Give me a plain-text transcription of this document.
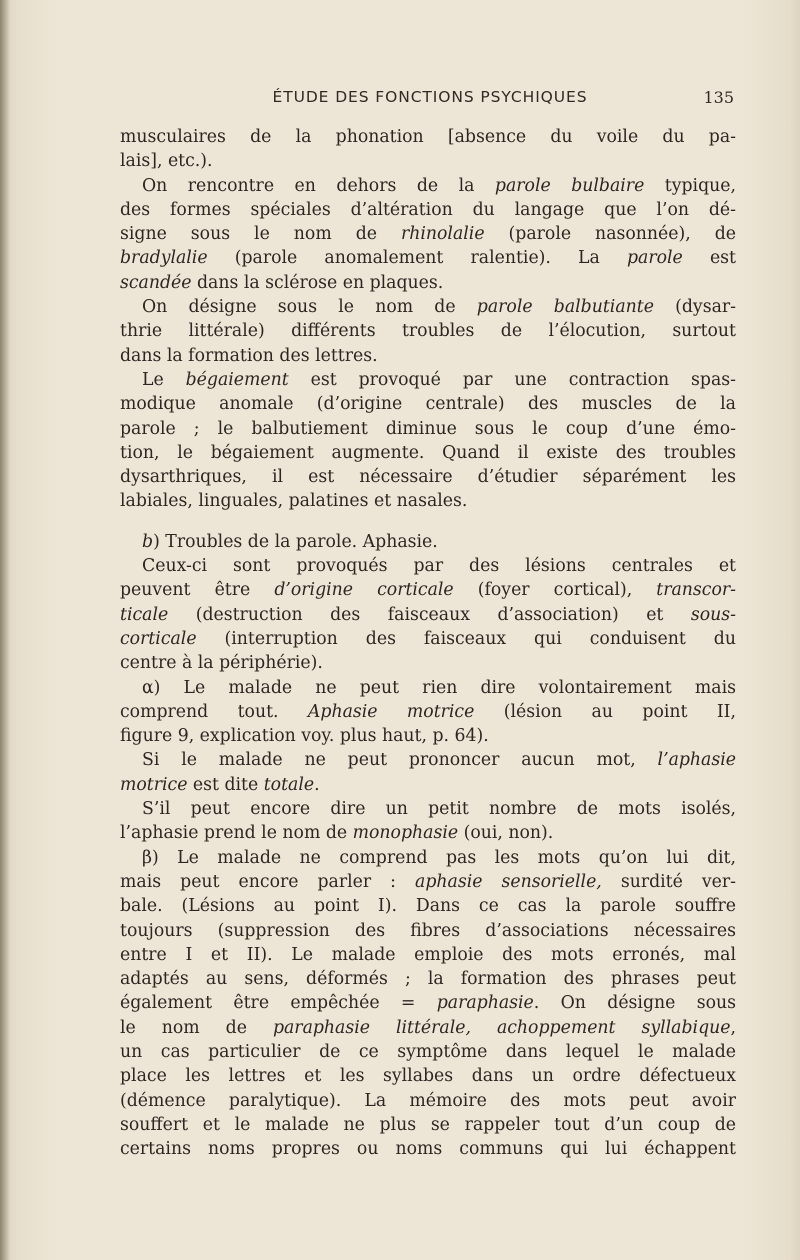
ÉTUDE DES FONCTIONS PSYCHIQUES	135
musculaires de la phonation [absence du voile du pa-
lais], etc.).
On rencontre en dehors de la parole bulbaire typique,
des formes spéciales d’altération du langage que l’on dé-
signe sous le nom de rhinolalie (parole nasonnée), de
bradylalie (parole anomalement ralentie). La parole est
scandée dans la sclérose en plaques.
On désigne sous le nom de parole balbutiante (dysar-
thrie littérale) différents troubles de l’élocution, surtout
dans la formation des lettres.
Le bégaiement est provoqué par une contraction spas-
modique anomale (d’origine centrale) des muscles de la
parole ; le balbutiement diminue sous le coup d’une émo-
tion, le bégaiement augmente. Quand il existe des troubles
dysarthriques, il est nécessaire d’étudier séparément les
labiales, linguales, palatines et nasales.
b) Troubles de la parole. Aphasie.
Ceux-ci sont provoqués par des lésions centrales et
peuvent être d’origine corticale (foyer cortical), transcor-
ticale (destruction des faisceaux d’association) et sous-
corticale (interruption des faisceaux qui conduisent du
centre à la périphérie).
α) Le malade ne peut rien dire volontairement mais
comprend tout. Aphasie motrice (lésion au point II,
figure 9, explication voy. plus haut, p. 64).
Si le malade ne peut prononcer aucun mot, l’aphasie
motrice est dite totale.
S’il peut encore dire un petit nombre de mots isolés,
l’aphasie prend le nom de monophasie (oui, non).
β) Le malade ne comprend pas les mots qu’on lui dit,
mais peut encore parler : aphasie sensorielle, surdité ver-
bale. (Lésions au point I). Dans ce cas la parole souffre
toujours (suppression des fibres d’associations nécessaires
entre I et II). Le malade emploie des mots erronés, mal
adaptés au sens, déformés ; la formation des phrases peut
également être empêchée = paraphasie. On désigne sous
le nom de paraphasie littérale, achoppement syllabique,
un cas particulier de ce symptôme dans lequel le malade
place les lettres et les syllabes dans un ordre défectueux
(démence paralytique). La mémoire des mots peut avoir
souffert et le malade ne plus se rappeler tout d’un coup de
certains noms propres ou noms communs qui lui échappent
